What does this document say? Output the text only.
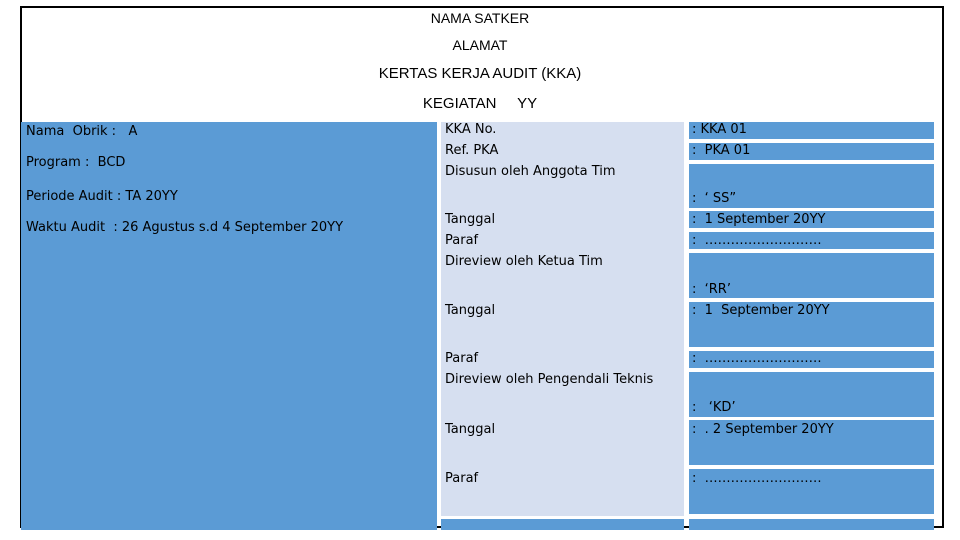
NAMA SATKER
ALAMAT
KERTAS KERJA AUDIT (KKA)
KEGIATAN     YY
Nama  Obrik :   A
Program :  BCD
Periode Audit : TA 20YY
Waktu Audit  : 26 Agustus s.d 4 September 20YY
KKA No.
Ref. PKA
Disusun oleh Anggota Tim
Tanggal
Paraf
Direview oleh Ketua Tim
Tanggal
Paraf
Direview oleh Pengendali Teknis
Tanggal
Paraf
: KKA 01
:  PKA 01
:  ‘ SS”
:  1 September 20YY
:  ………………………
:  ‘RR’
:  1  September 20YY
:  ………………………
:   ‘KD’
:  . 2 September 20YY
:  ………………………
